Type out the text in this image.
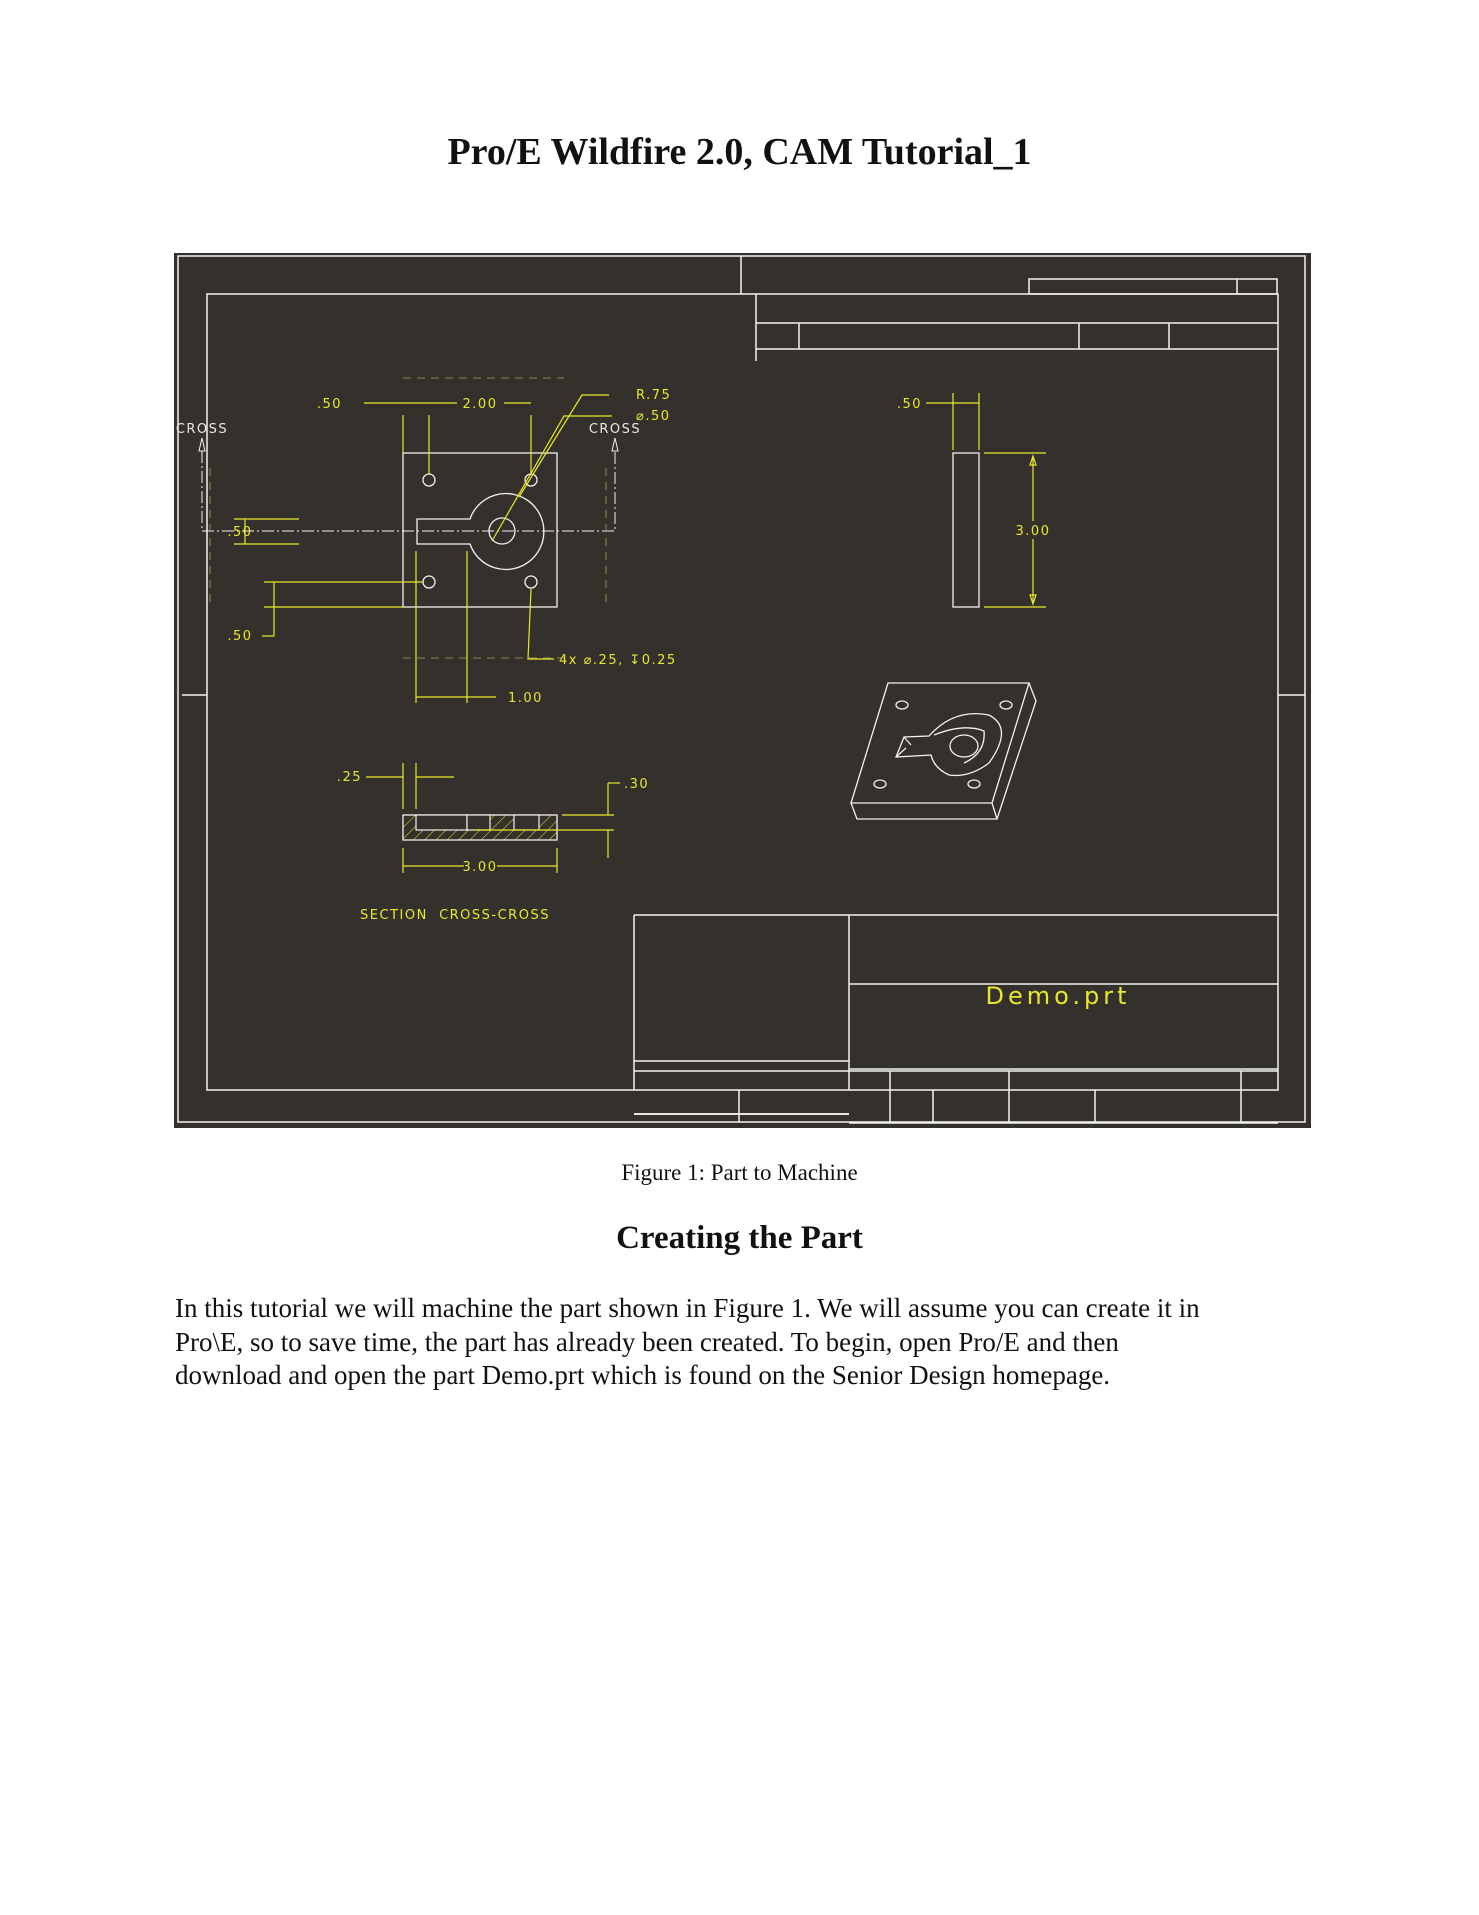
Pro/E Wildfire 2.0, CAM Tutorial_1
Demo.prt
CROSS	CROSS
.50	2.00
R.75
⌀.50
.50
.50
4x ⌀.25, ↧0.25
1.00
.50
3.00
.25	.30
3.00
SECTION  CROSS-CROSS
Figure 1: Part to Machine
Creating the Part
In this tutorial we will machine the part shown in Figure 1. We will assume you can create it in
Pro\E, so to save time, the part has already been created. To begin, open Pro/E and then
download and open the part Demo.prt which is found on the Senior Design homepage.
